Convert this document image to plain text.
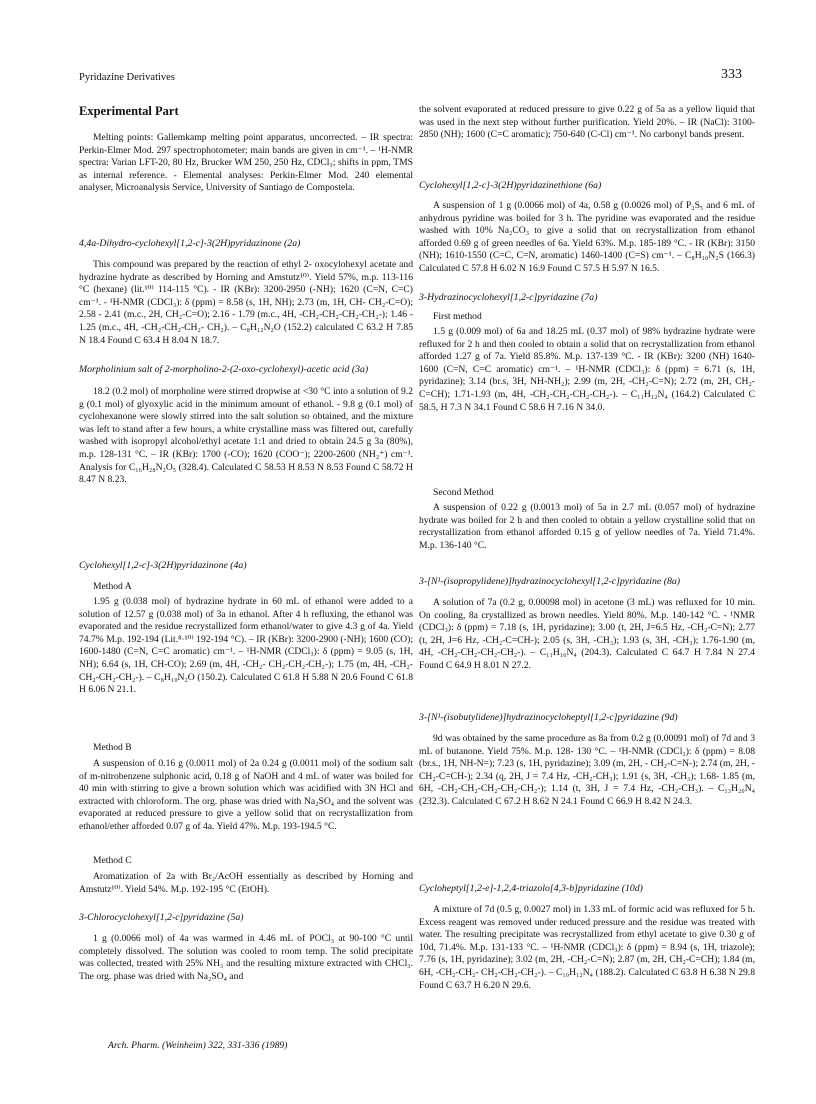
Pyridazine Derivatives	333
Experimental Part

Melting points: Gallemkamp melting point apparatus, uncorrected. – IR spectra: Perkin-Elmer Mod. 297 spectrophotometer; main bands are given in cm⁻¹. – ¹H-NMR spectra: Varian LFT-20, 80 Hz, Brucker WM 250, 250 Hz, CDCl₃; shifts in ppm, TMS as internal reference. - Elemental analyses: Perkin-Elmer Mod. 240 elemental analyser, Microanalysis Service, University of Santiago de Compostela.

4,4a-Dihydro-cyclohexyl[1,2-c]-3(2H)pyridazinone (2a)

This compound was prepared by the reaction of ethyl 2- oxocylohexyl acetate and hydrazine hydrate as described by Horning and Amstutz¹⁰⁾. Yield 57%, m.p. 113-116 °C (hexane) (lit.¹⁰⁾ 114-115 °C). - IR (KBr): 3200-2950 (-NH); 1620 (C=N, C=C) cm⁻¹. - ¹H-NMR (CDCl₃): δ (ppm) = 8.58 (s, 1H, NH); 2.73 (m, 1H, CH- CH₂-C=O); 2.58 - 2.41 (m.c., 2H, CH₂-C=O); 2.16 - 1.79 (m.c., 4H, -CH₂-CH₂-CH₂-CH₂-); 1.46 - 1.25 (m.c., 4H, -CH₂-CH₂-CH₂- CH₂). – C₈H₁₂N₂O (152.2) calculated C 63.2 H 7.85 N 18.4 Found C 63.4 H 8.04 N 18.7.

Morpholinium salt of 2-morpholino-2-(2-oxo-cyclohexyl)-acetic acid (3a)

18.2 (0.2 mol) of morpholine were stirred dropwise at <30 °C into a solution of 9.2 g (0.1 mol) of glyoxylic acid in the minimum amount of ethanol. - 9.8 g (0.1 mol) of cyclohexanone were slowly stirred into the salt solution so obtained, and the mixture was left to stand after a few hours, a white crystalline mass was filtered out, carefully washed with isopropyl alcohol/ethyl acetate 1:1 and dried to obtain 24.5 g 3a (80%), m.p. 128-131 °C. – IR (KBr): 1700 (-CO); 1620 (COO⁻); 2200-2600 (NH₂⁺) cm⁻¹. Analysis for C₁₆H₂₈N₂O₅ (328.4). Calculated C 58.53 H 8.53 N 8.53 Found C 58.72 H 8.47 N 8.23.

Cyclohexyl[1,2-c]-3(2H)pyridazinone (4a)
Method A

1.95 g (0.038 mol) of hydrazine hydrate in 60 mL of ethanol were added to a solution of 12.57 g (0.038 mol) of 3a in ethanol. After 4 h refluxing, the ethanol was evaporated and the residue recrystallized form ethanol/water to give 4.3 g of 4a. Yield 74.7% M.p. 192-194 (Lit.⁸·¹⁰⁾ 192-194 °C). – IR (KBr): 3200-2900 (-NH); 1600 (CO); 1600-1480 (C=N, C=C aromatic) cm⁻¹. – ¹H-NMR (CDCl₃): δ (ppm) = 9.05 (s, 1H, NH); 6.64 (s, 1H, CH-CO); 2.69 (m, 4H, -CH₂- CH₂-CH₂-CH₂-); 1.75 (m, 4H, -CH₂- CH₂-CH₂-CH₂-). – C₈H₁₀N₂O (150.2). Calculated C 61.8 H 5.88 N 20.6 Found C 61.8 H 6.06 N 21.1.

Method B

A suspension of 0.16 g (0.0011 mol) of 2a 0.24 g (0.0011 mol) of the sodium salt of m-nitrobenzene sulphonic acid, 0.18 g of NaOH and 4 mL of water was boiled for 40 min with stirring to give a brown solution which was acidified with 3N HCl and extracted with chloroform. The org. phase was dried with Na₂SO₄ and the solvent was evaporated at reduced pressure to give a yellow solid that on recrystallization from ethanol/ether afforded 0.07 g of 4a. Yield 47%. M.p. 193-194.5 °C.

Method C

Aromatization of 2a with Br₂/AcOH essentially as described by Horning and Amstutz¹⁰⁾. Yield 54%. M.p. 192-195 °C (EtOH).

3-Chlorocyclohexyl[1,2-c]pyridazine (5a)

1 g (0.0066 mol) of 4a was warmed in 4.46 mL of POCl₃ at 90-100 °C until completely dissolved. The solution was cooled to room temp. The solid precipitate was collected, treated with 25% NH₃ and the resulting mixture extracted with CHCl₃. The org. phase was dried with Na₂SO₄ and

the solvent evaporated at reduced pressure to give 0.22 g of 5a as a yellow liquid that was used in the next step without further purification. Yield 20%. – IR (NaCl): 3100-2850 (NH); 1600 (C=C aromatic); 750-640 (C-Cl) cm⁻¹. No carbonyl bands present.

Cyclohexyl[1,2-c]-3(2H)pyridazinethione (6a)

A suspension of 1 g (0.0066 mol) of 4a, 0.58 g (0.0026 mol) of P₂S₅ and 6 mL of anhydrous pyridine was boiled for 3 h. The pyridine was evaporated and the residue washed with 10% Na₂CO₃ to give a solid that on recrystallization from ethanol afforded 0.69 g of green needles of 6a. Yield 63%. M.p. 185-189 °C. - IR (KBr): 3150 (NH); 1610-1550 (C=C, C=N, aromatic) 1460-1400 (C=S) cm⁻¹. – C₈H₁₀N₂S (166.3) Calculated C 57.8 H 6.02 N 16.9 Found C 57.5 H 5.97 N 16.5.

3-Hydrazinocyclohexyl[1,2-c]pyridazine (7a)
First method

1.5 g (0.009 mol) of 6a and 18.25 mL (0.37 mol) of 98% hydrazine hydrate were refluxed for 2 h and then cooled to obtain a solid that on recrystallization from ethanol afforded 1.27 g of 7a. Yield 85.8%. M.p. 137-139 °C. - IR (KBr): 3200 (NH) 1640-1600 (C=N, C=C aromatic) cm⁻¹. – ¹H-NMR (CDCl₃): δ (ppm) = 6.71 (s, 1H, pyridazine); 3.14 (br.s, 3H, NH-NH₂); 2.99 (m, 2H, -CH₂-C=N); 2.72 (m, 2H, CH₂-C=CH); 1.71-1.93 (m, 4H, -CH₂-CH₂-CH₂-CH₂-). – C₁₁H₁₂N₄ (164.2) Calculated C 58.5, H 7.3 N 34.1 Found C 58.6 H 7.16 N 34.0.

Second Method

A suspension of 0.22 g (0.0013 mol) of 5a in 2.7 mL (0.057 mol) of hydrazine hydrate was boiled for 2 h and then cooled to obtain a yellow crystalline solid that on recrystallization from ethanol afforded 0.15 g of yellow needles of 7a. Yield 71.4%. M.p. 136-140 °C.

3-[N¹-(isopropylidene)]hydrazinocyclohexyl[1,2-c]pyridazine (8a)

A solution of 7a (0.2 g, 0.00098 mol) in acetone (3 mL) was refluxed for 10 min. On cooling, 8a crystallized as brown needles. Yield 80%. M.p. 140-142 °C. - ¹NMR (CDCl₃): δ (ppm) = 7.18 (s, 1H, pyridazine); 3.00 (t, 2H, J=6.5 Hz, -CH₂-C=N); 2.77 (t, 2H, J=6 Hz, -CH₂-C=CH-); 2.05 (s, 3H, -CH₃); 1.93 (s, 3H, -CH₃); 1.76-1.90 (m, 4H, -CH₂-CH₂-CH₂-CH₂-). – C₁₁H₁₆N₄ (204.3). Calculated C 64.7 H 7.84 N 27.4 Found C 64.9 H 8.01 N 27.2.

3-[N¹-(isobutylidene)]hydrazinocycloheptyl[1,2-c]pyridazine (9d)

9d was obtained by the same procedure as 8a from 0.2 g (0.00091 mol) of 7d and 3 mL of butanone. Yield 75%. M.p. 128- 130 °C. – ¹H-NMR (CDCl₃): δ (ppm) = 8.08 (br.s., 1H, NH-N=); 7.23 (s, 1H, pyridazine); 3.09 (m, 2H, - CH₂-C=N-); 2.74 (m, 2H, -CH₂-C=CH-); 2.34 (q, 2H, J = 7.4 Hz, -CH₂-CH₃); 1.91 (s, 3H, -CH₃); 1.68- 1.85 (m, 6H, -CH₂-CH₂-CH₂-CH₂-CH₂-); 1.14 (t, 3H, J = 7.4 Hz, -CH₂-CH₃). – C₁₃H₂₀N₄ (232.3). Calculated C 67.2 H 8.62 N 24.1 Found C 66.9 H 8.42 N 24.3.

Cycloheptyl[1,2-e]-1,2,4-triazolo[4,3-b]pyridazine (10d)

A mixture of 7d (0.5 g, 0.0027 mol) in 1.33 mL of formic acid was refluxed for 5 h. Excess reagent was removed under reduced pressure and the residue was treated with water. The resulting precipitate was recrystallized from ethyl acetate to give 0.30 g of 10d, 71.4%. M.p. 131-133 °C. – ¹H-NMR (CDCl₃): δ (ppm) = 8.94 (s, 1H, triazole); 7.76 (s, 1H, pyridazine); 3.02 (m, 2H, -CH₂-C=N); 2.87 (m, 2H, CH₂-C=CH); 1.84 (m, 6H, -CH₂-CH₂- CH₂-CH₂-CH₂-). – C₁₀H₁₂N₄ (188.2). Calculated C 63.8 H 6.38 N 29.8 Found C 63.7 H 6.20 N 29.6.

Arch. Pharm. (Weinheim) 322, 331-336 (1989)
